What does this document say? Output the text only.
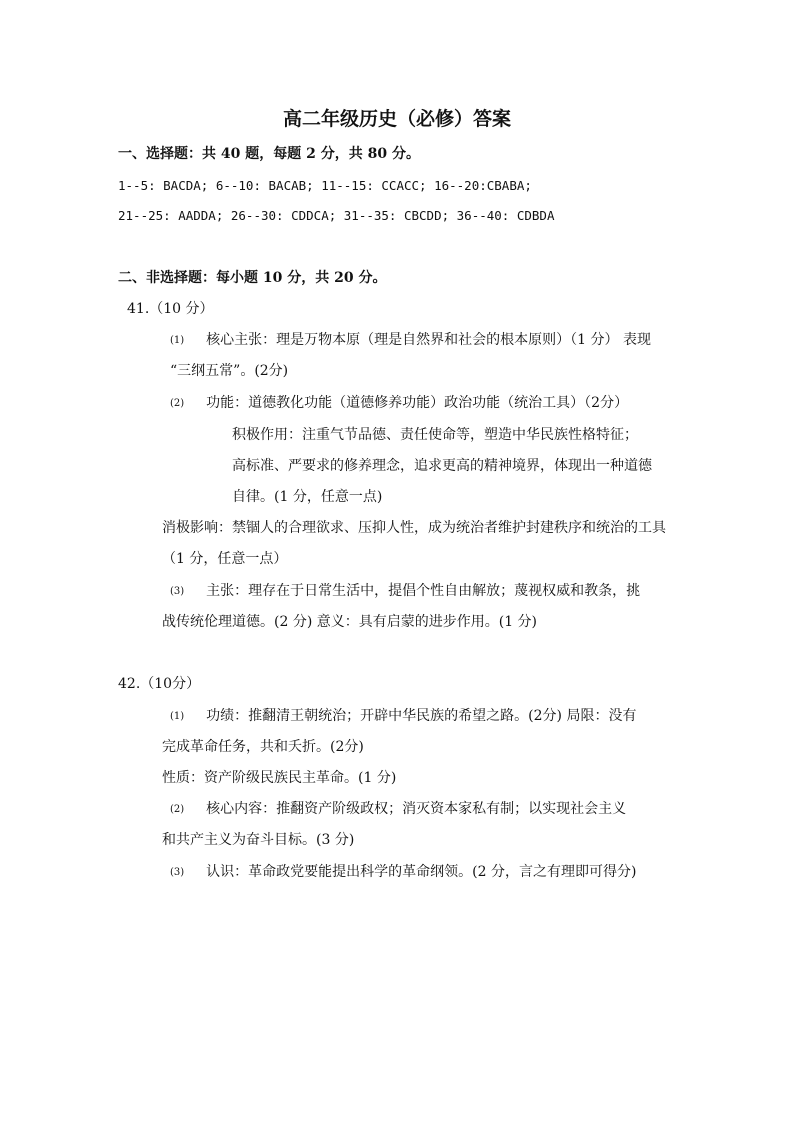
高二年级历史（必修）答案
一、选择题：共 40 题，每题 2 分，共 80 分。
1--5: BACDA; 6--10: BACAB; 11--15: CCACC; 16--20:CBABA;
21--25: AADDA; 26--30: CDDCA; 31--35: CBCDD; 36--40: CDBDA
二、非选择题：每小题 10 分，共 20 分。
41.（10 分）
(1) 核心主张：理是万物本原（理是自然界和社会的根本原则）（1 分） 表现
“三纲五常”。(2分)
(2) 功能：道德教化功能（道德修养功能）政治功能（统治工具）（2分）
积极作用：注重气节品德、责任使命等，塑造中华民族性格特征；
高标准、严要求的修养理念，追求更高的精神境界，体现出一种道德
自律。(1 分，任意一点)
消极影响：禁锢人的合理欲求、压抑人性，成为统治者维护封建秩序和统治的工具
（1 分，任意一点）
(3) 主张：理存在于日常生活中，提倡个性自由解放；蔑视权威和教条，挑
战传统伦理道德。(2 分) 意义：具有启蒙的进步作用。(1 分)
42.（10分）
(1) 功绩：推翻清王朝统治；开辟中华民族的希望之路。(2分) 局限：没有
完成革命任务，共和夭折。(2分)
性质：资产阶级民族民主革命。(1 分)
(2) 核心内容：推翻资产阶级政权；消灭资本家私有制；以实现社会主义
和共产主义为奋斗目标。(3 分)
(3) 认识：革命政党要能提出科学的革命纲领。(2 分，言之有理即可得分)
